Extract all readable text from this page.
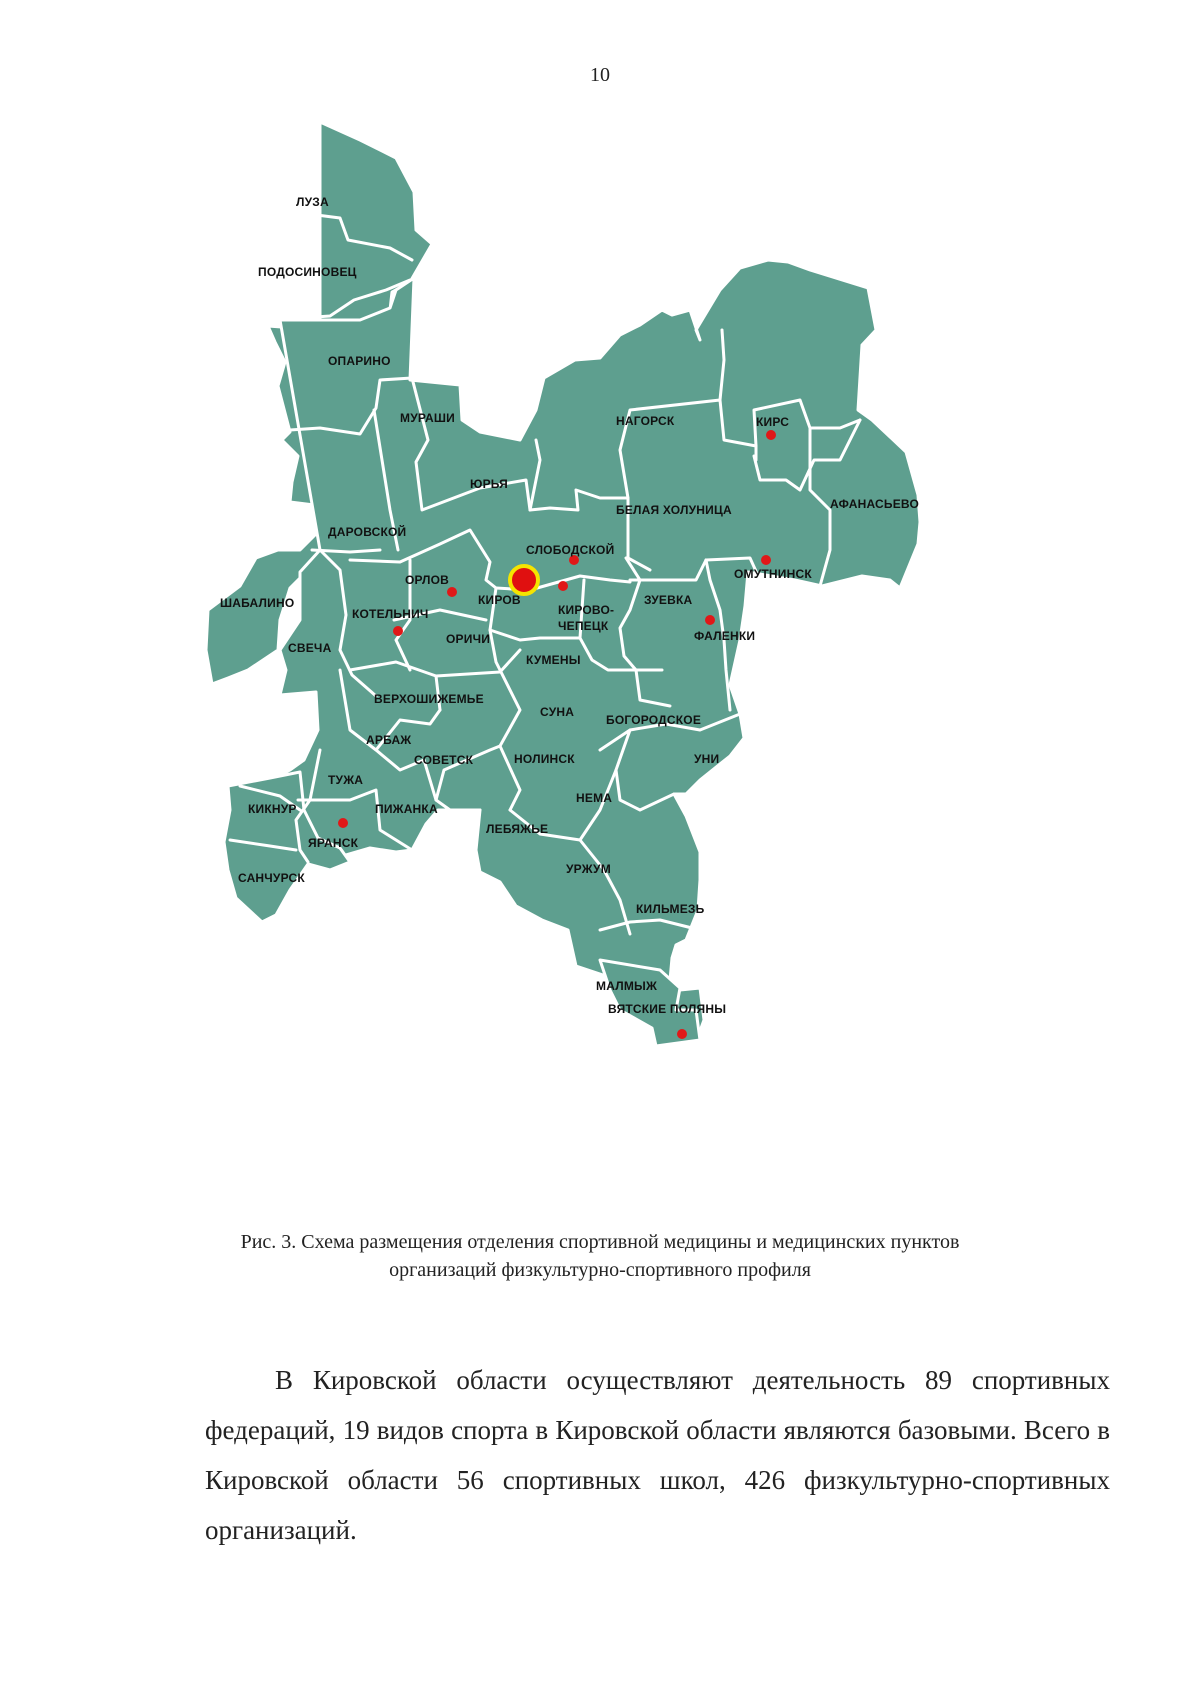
10
ЛУЗА
ПОДОСИНОВЕЦ
ОПАРИНО
МУРАШИ
ЮРЬЯ
ДАРОВСКОЙ
НАГОРСК	КИРС
БЕЛАЯ ХОЛУНИЦА	АФАНАСЬЕВО
СЛОБОДСКОЙ
ОМУТНИНСК
ШАБАЛИНО
ОРЛОВ
КИРОВ
КИРОВО-
ЧЕПЕЦК
ЗУЕВКА
КОТЕЛЬНИЧ
ФАЛЕНКИ
СВЕЧА
ОРИЧИ
КУМЕНЫ
ВЕРХОШИЖЕМЬЕ
СУНА
БОГОРОДСКОЕ
АРБАЖ
СОВЕТСК	НОЛИНСК	УНИ
ТУЖА
НЕМА
КИКНУР	ПИЖАНКА
ЛЕБЯЖЬЕ
ЯРАНСК
УРЖУМ
САНЧУРСК
КИЛЬМЕЗЬ
МАЛМЫЖ
ВЯТСКИЕ ПОЛЯНЫ
Рис. 3. Схема размещения отделения спортивной медицины и медицинских пунктов
организаций физкультурно-спортивного профиля

В Кировской области осуществляют деятельность 89 спортивных федераций, 19 видов спорта в Кировской области являются базовыми. Всего в Кировской области 56 спортивных школ, 426 физкультурно-спортивных организаций.
